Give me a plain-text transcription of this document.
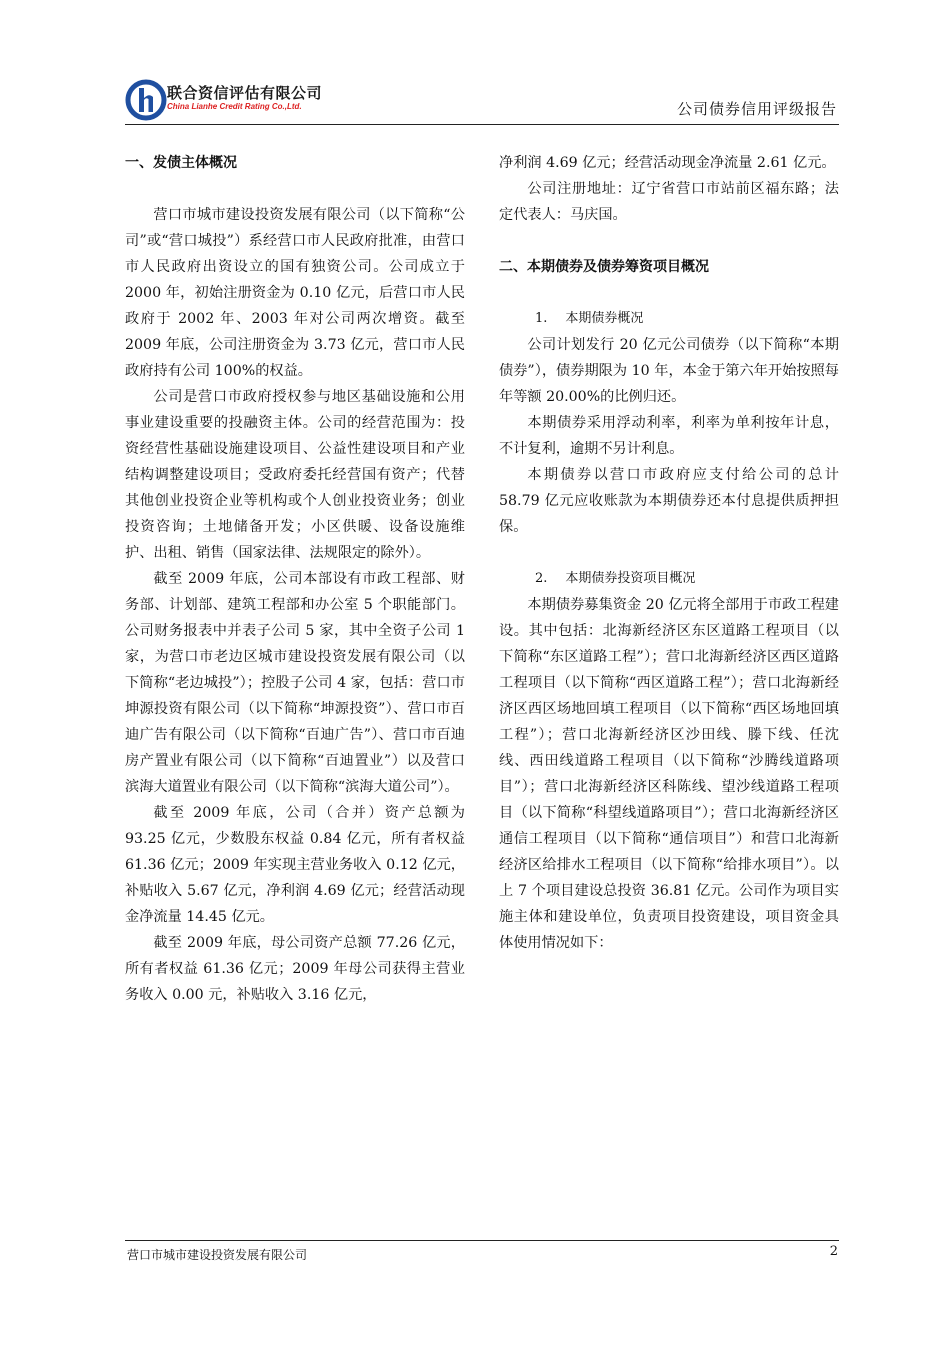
联合资信评估有限公司
China Lianhe Credit Rating Co.,Ltd.	公司债券信用评级报告
一、发债主体概况

营口市城市建设投资发展有限公司（以下简称“公司”或“营口城投”）系经营口市人民政府批准，由营口市人民政府出资设立的国有独资公司。公司成立于 2000 年，初始注册资金为 0.10 亿元，后营口市人民政府于 2002 年、2003 年对公司两次增资。截至 2009 年底，公司注册资金为 3.73 亿元，营口市人民政府持有公司 100%的权益。

公司是营口市政府授权参与地区基础设施和公用事业建设重要的投融资主体。公司的经营范围为：投资经营性基础设施建设项目、公益性建设项目和产业结构调整建设项目；受政府委托经营国有资产；代替其他创业投资企业等机构或个人创业投资业务；创业投资咨询；土地储备开发；小区供暖、设备设施维护、出租、销售（国家法律、法规限定的除外）。

截至 2009 年底，公司本部设有市政工程部、财务部、计划部、建筑工程部和办公室 5 个职能部门。公司财务报表中并表子公司 5 家，其中全资子公司 1 家，为营口市老边区城市建设投资发展有限公司（以下简称“老边城投”）；控股子公司 4 家，包括：营口市坤源投资有限公司（以下简称“坤源投资”）、营口市百迪广告有限公司（以下简称“百迪广告”）、营口市百迪房产置业有限公司（以下简称“百迪置业”）以及营口滨海大道置业有限公司（以下简称“滨海大道公司”）。

截至 2009 年底，公司（合并）资产总额为 93.25 亿元，少数股东权益 0.84 亿元，所有者权益 61.36 亿元；2009 年实现主营业务收入 0.12 亿元，补贴收入 5.67 亿元，净利润 4.69 亿元；经营活动现金净流量 14.45 亿元。

截至 2009 年底，母公司资产总额 77.26 亿元，所有者权益 61.36 亿元；2009 年母公司获得主营业务收入 0.00 元，补贴收入 3.16 亿元，

净利润 4.69 亿元；经营活动现金净流量 2.61 亿元。

公司注册地址：辽宁省营口市站前区福东路；法定代表人：马庆国。

二、本期债券及债券筹资项目概况

1. 本期债券概况

公司计划发行 20 亿元公司债券（以下简称“本期债券”），债券期限为 10 年，本金于第六年开始按照每年等额 20.00%的比例归还。

本期债券采用浮动利率，利率为单利按年计息，不计复利，逾期不另计利息。

本期债券以营口市政府应支付给公司的总计 58.79 亿元应收账款为本期债券还本付息提供质押担保。

2. 本期债券投资项目概况

本期债券募集资金 20 亿元将全部用于市政工程建设。其中包括：北海新经济区东区道路工程项目（以下简称“东区道路工程”）；营口北海新经济区西区道路工程项目（以下简称“西区道路工程”）；营口北海新经济区西区场地回填工程项目（以下简称“西区场地回填工程”）；营口北海新经济区沙田线、滕下线、任沈线、西田线道路工程项目（以下简称“沙腾线道路项目”）；营口北海新经济区科陈线、望沙线道路工程项目（以下简称“科望线道路项目”）；营口北海新经济区通信工程项目（以下简称“通信项目”）和营口北海新经济区给排水工程项目（以下简称“给排水项目”）。以上 7 个项目建设总投资 36.81 亿元。公司作为项目实施主体和建设单位，负责项目投资建设，项目资金具体使用情况如下：

营口市城市建设投资发展有限公司	2
